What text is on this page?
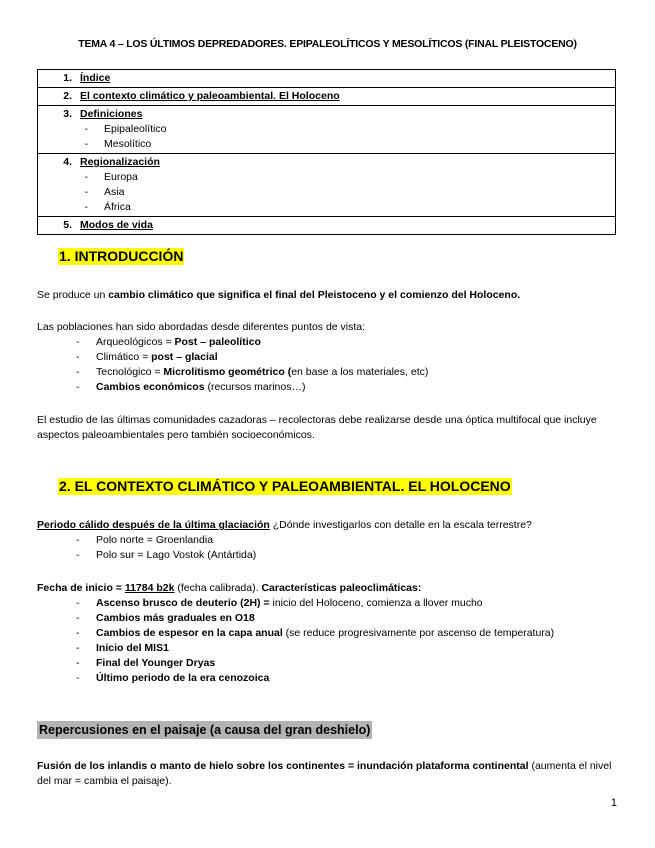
TEMA 4 – LOS ÚLTIMOS DEPREDADORES. EPIPALEOLÍTICOS Y MESOLÍTICOS (FINAL PLEISTOCENO)
1. Índice

2. El contexto climático y paleoambiental. El Holoceno

3. Definiciones
-	Epipaleolítico
-	Mesolítico

4. Regionalización
-	Europa
-	Asia
-	África

5. Modos de vida
1. INTRODUCCIÓN
Se produce un cambio climático que significa el final del Pleistoceno y el comienzo del Holoceno.
Las poblaciones han sido abordadas desde diferentes puntos de vista:
-	Arqueológicos = Post – paleolítico
-	Climático = post – glacial
-	Tecnológico = Microlitismo geométrico (en base a los materiales, etc)
-	Cambios económicos (recursos marinos…)
El estudio de las últimas comunidades cazadoras – recolectoras debe realizarse desde una óptica multifocal que incluye aspectos paleoambientales pero también socioeconómicos.
2. EL CONTEXTO CLIMÁTICO Y PALEOAMBIENTAL. EL HOLOCENO
Periodo cálido después de la última glaciación ¿Dónde investigarlos con detalle en la escala terrestre?
-	Polo norte = Groenlandia
-	Polo sur = Lago Vostok (Antártida)
Fecha de inicio = 11784 b2k (fecha calibrada). Características paleoclimáticas:
-	Ascenso brusco de deuterio (2H) = inicio del Holoceno, comienza a llover mucho
-	Cambios más graduales en O18
-	Cambios de espesor en la capa anual (se reduce progresivamente por ascenso de temperatura)
-	Inicio del MIS1
-	Final del Younger Dryas
-	Último periodo de la era cenozoica
Repercusiones en el paisaje (a causa del gran deshielo)
Fusión de los inlandis o manto de hielo sobre los continentes = inundación plataforma continental (aumenta el nivel del mar = cambia el paisaje).
1
